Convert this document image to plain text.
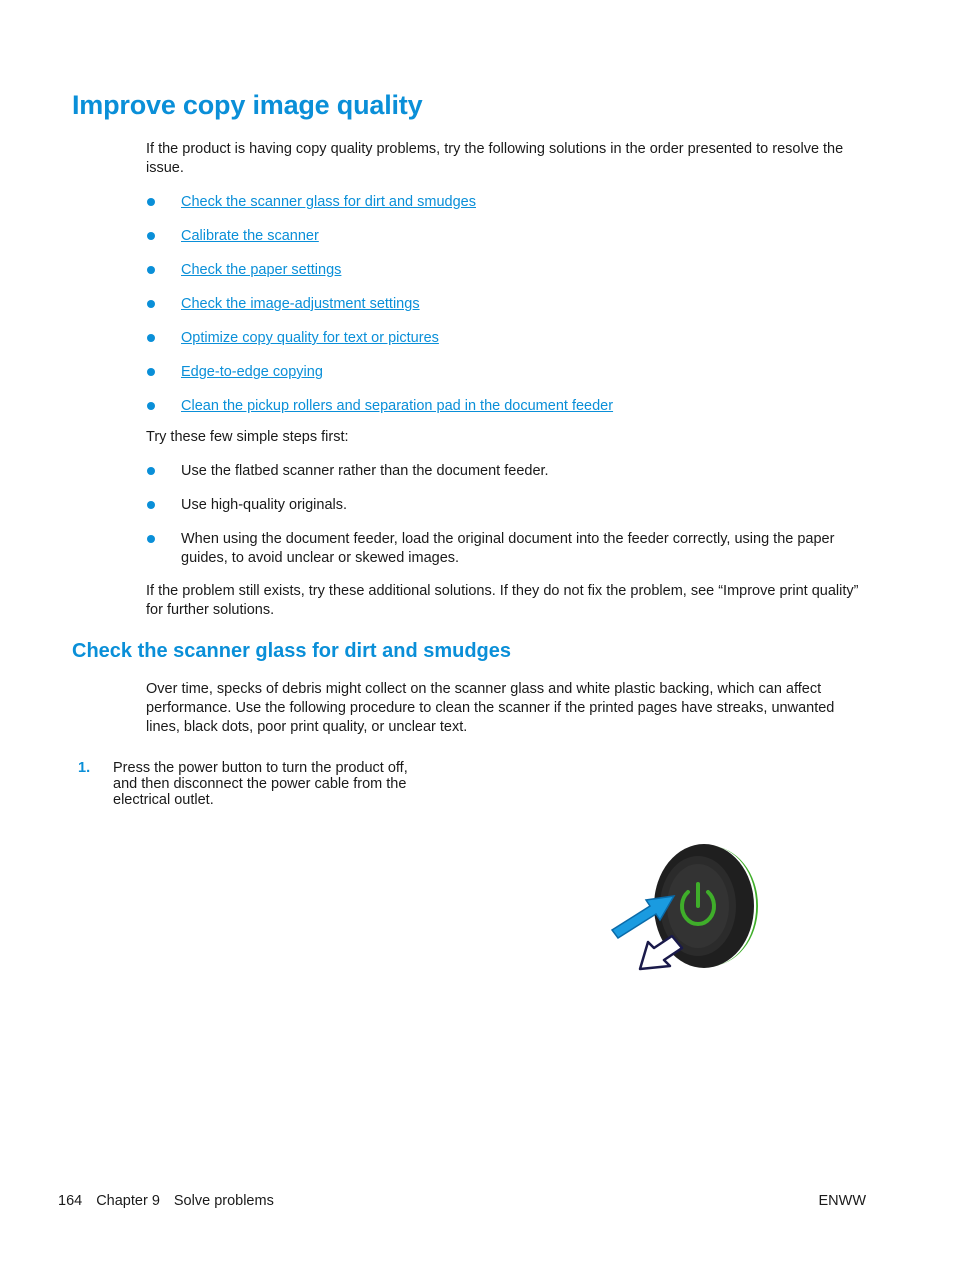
Improve copy image quality

If the product is having copy quality problems, try the following solutions in the order presented to resolve the issue.

Check the scanner glass for dirt and smudges
Calibrate the scanner
Check the paper settings
Check the image-adjustment settings
Optimize copy quality for text or pictures
Edge-to-edge copying
Clean the pickup rollers and separation pad in the document feeder

Try these few simple steps first:

Use the flatbed scanner rather than the document feeder.
Use high-quality originals.
When using the document feeder, load the original document into the feeder correctly, using the paper guides, to avoid unclear or skewed images.

If the problem still exists, try these additional solutions. If they do not fix the problem, see “Improve print quality” for further solutions.

Check the scanner glass for dirt and smudges

Over time, specks of debris might collect on the scanner glass and white plastic backing, which can affect performance. Use the following procedure to clean the scanner if the printed pages have streaks, unwanted lines, black dots, poor print quality, or unclear text.

1. Press the power button to turn the product off, and then disconnect the power cable from the electrical outlet.
164 Chapter 9 Solve problems	ENWW
